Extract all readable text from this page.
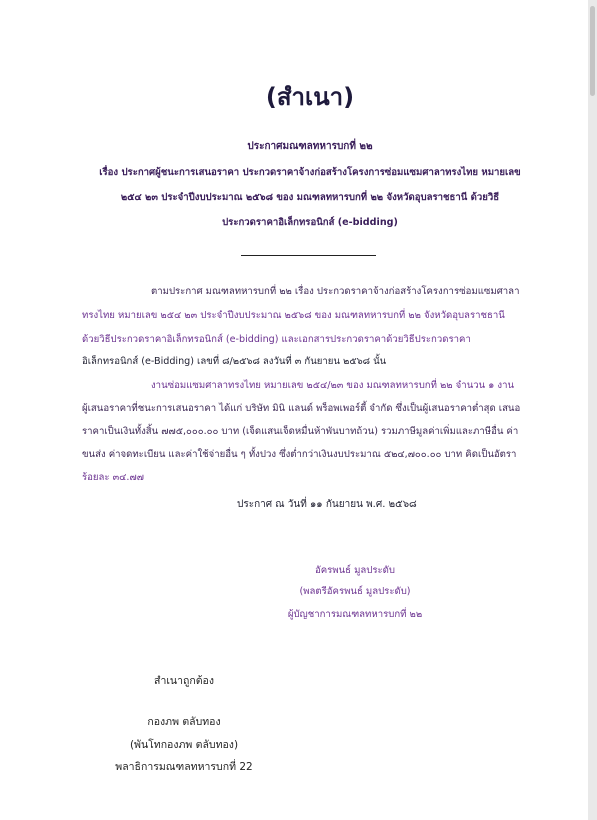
(สำเนา)
ประกาศมณฑลทหารบกที่ ๒๒
เรื่อง ประกาศผู้ชนะการเสนอราคา ประกวดราคาจ้างก่อสร้างโครงการซ่อมแซมศาลาทรงไทย หมายเลข
๒๕๔ ๒๓ ประจำปีงบประมาณ ๒๕๖๘ ของ มณฑลทหารบกที่ ๒๒ จังหวัดอุบลราชธานี ด้วยวิธี
ประกวดราคาอิเล็กทรอนิกส์ (e-bidding)
ตามประกาศ มณฑลทหารบกที่ ๒๒ เรื่อง ประกวดราคาจ้างก่อสร้างโครงการซ่อมแซมศาลา
ทรงไทย หมายเลข ๒๕๔ ๒๓ ประจำปีงบประมาณ ๒๕๖๘ ของ มณฑลทหารบกที่ ๒๒ จังหวัดอุบลราชธานี
ด้วยวิธีประกวดราคาอิเล็กทรอนิกส์ (e-bidding) และเอกสารประกวดราคาด้วยวิธีประกวดราคา
อิเล็กทรอนิกส์ (e-Bidding) เลขที่ ๘/๒๕๖๘ ลงวันที่ ๓ กันยายน ๒๕๖๘ นั้น
งานซ่อมแซมศาลาทรงไทย หมายเลข ๒๕๔/๒๓ ของ มณฑลทหารบกที่ ๒๒ จำนวน ๑ งาน
ผู้เสนอราคาที่ชนะการเสนอราคา ได้แก่ บริษัท มินิ แลนด์ พร็อพเพอร์ตี้ จำกัด ซึ่งเป็นผู้เสนอราคาต่ำสุด เสนอ
ราคาเป็นเงินทั้งสิ้น ๗๗๕,๐๐๐.๐๐ บาท (เจ็ดแสนเจ็ดหมื่นห้าพันบาทถ้วน) รวมภาษีมูลค่าเพิ่มและภาษีอื่น ค่า
ขนส่ง ค่าจดทะเบียน และค่าใช้จ่ายอื่น ๆ ทั้งปวง ซึ่งต่ำกว่าเงินงบประมาณ ๕๒๔,๗๐๐.๐๐ บาท คิดเป็นอัตรา
ร้อยละ ๓๔.๗๗
ประกาศ ณ วันที่ ๑๑ กันยายน พ.ศ. ๒๕๖๘
อัครพนธ์ มูลประดับ
(พลตรีอัครพนธ์ มูลประดับ)
ผู้บัญชาการมณฑลทหารบกที่ ๒๒
สำเนาถูกต้อง
กองภพ ตลับทอง
(พันโทกองภพ ตลับทอง)
พลาธิการมณฑลทหารบกที่ 22
